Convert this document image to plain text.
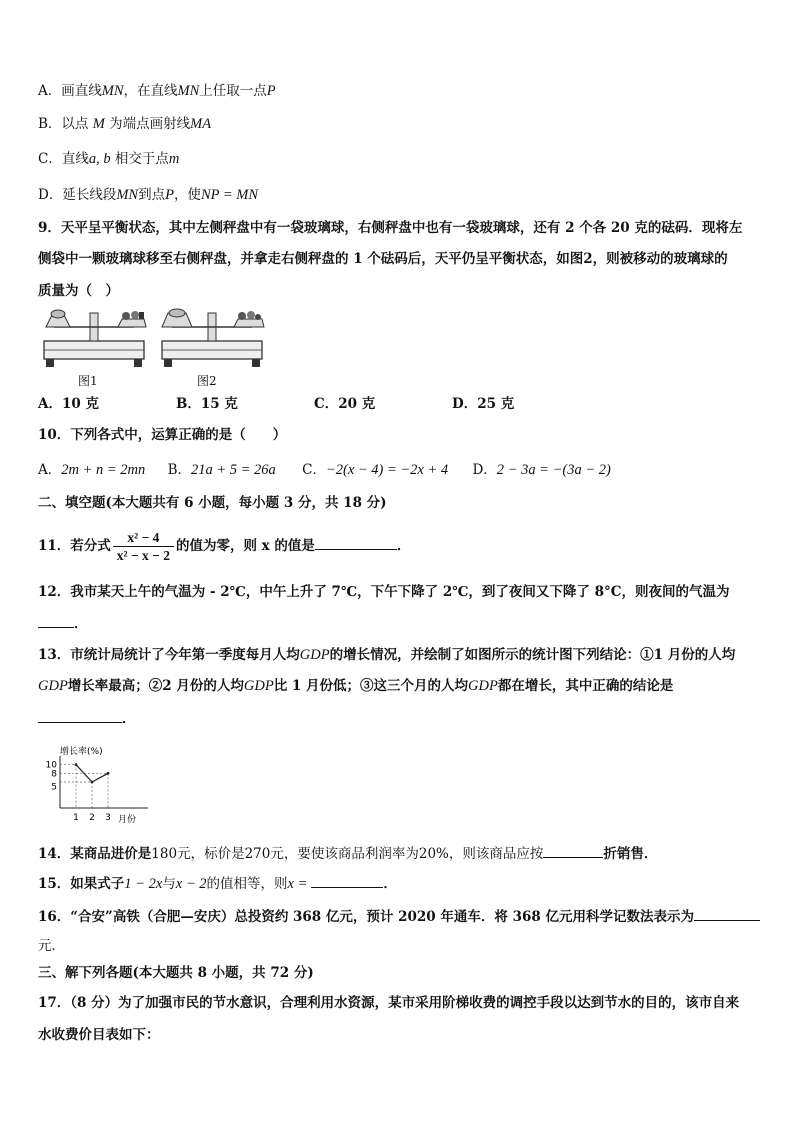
A．画直线MN，在直线MN上任取一点P
B．以点 M 为端点画射线MA
C．直线a, b 相交于点m
D．延长线段MN到点P，使NP = MN
9．天平呈平衡状态，其中左侧秤盘中有一袋玻璃球，右侧秤盘中也有一袋玻璃球，还有 2 个各 20 克的砝码．现将左
侧袋中一颗玻璃球移至右侧秤盘，并拿走右侧秤盘的 1 个砝码后，天平仍呈平衡状态，如图2，则被移动的玻璃球的
质量为（　）
图1	图2
A．10 克	B．15 克	C．20 克	D．25 克
10．下列各式中，运算正确的是（　　）
A．2m + n = 2mn B．21a + 5 = 26a C．−2(x − 4) = −2x + 4 D．2 − 3a = −(3a − 2)
二、填空题(本大题共有 6 小题，每小题 3 分，共 18 分)
11．若分式 $\frac{\text{x² − 4}}{\text{x² − x − 2}}$ 的值为零，则 x 的值是	．
12．我市某天上午的气温为 - 2℃，中午上升了 7℃，下午下降了 2℃，到了夜间又下降了 8°C，则夜间的气温为
．
13．市统计局统计了今年第一季度每月人均GDP的增长情况，并绘制了如图所示的统计图下列结论：①1 月份的人均
GDP增长率最高；②2 月份的人均GDP比 1 月份低；③这三个月的人均GDP都在增长，其中正确的结论是
．
增长率(%)
月份
10
8
5
1 2 3
14．某商品进价是180元，标价是270元，要使该商品利润率为20%，则该商品应按	折销售．
15．如果式子1 − 2x与x − 2的值相等，则x =	．
16．“合安”高铁（合肥—安庆）总投资约 368 亿元，预计 2020 年通车．将 368 亿元用科学记数法表示为
元．
三、解下列各题(本大题共 8 小题，共 72 分)
17．（8 分）为了加强市民的节水意识，合理利用水资源，某市采用阶梯收费的调控手段以达到节水的目的，该市自来
水收费价目表如下：
